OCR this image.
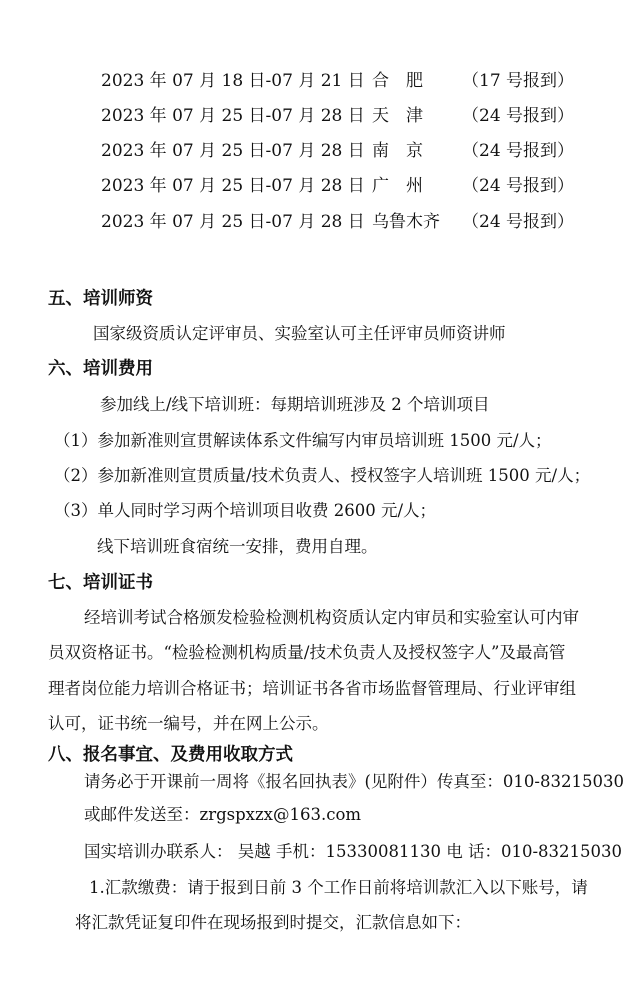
2023 年 07 月 18 日-07 月 21 日 合　肥 （17 号报到）
2023 年 07 月 25 日-07 月 28 日 天　津 （24 号报到）
2023 年 07 月 25 日-07 月 28 日 南　京 （24 号报到）
2023 年 07 月 25 日-07 月 28 日 广　州 （24 号报到）
2023 年 07 月 25 日-07 月 28 日 乌鲁木齐 （24 号报到）
五、培训师资
国家级资质认定评审员、实验室认可主任评审员师资讲师
六、培训费用
参加线上/线下培训班：每期培训班涉及 2 个培训项目
（1）参加新准则宣贯解读体系文件编写内审员培训班 1500 元/人；
（2）参加新准则宣贯质量/技术负责人、授权签字人培训班 1500 元/人；
（3）单人同时学习两个培训项目收费 2600 元/人；
线下培训班食宿统一安排，费用自理。
七、培训证书
经培训考试合格颁发检验检测机构资质认定内审员和实验室认可内审
员双资格证书。“检验检测机构质量/技术负责人及授权签字人”及最高管
理者岗位能力培训合格证书；培训证书各省市场监督管理局、行业评审组
认可，证书统一编号，并在网上公示。
八、报名事宜、及费用收取方式
请务必于开课前一周将《报名回执表》(见附件）传真至：010-83215030
或邮件发送至：zrgspxzx@163.com
国实培训办联系人： 吴越 手机：15330081130 电 话：010-83215030
1.汇款缴费：请于报到日前 3 个工作日前将培训款汇入以下账号，请
将汇款凭证复印件在现场报到时提交，汇款信息如下：
